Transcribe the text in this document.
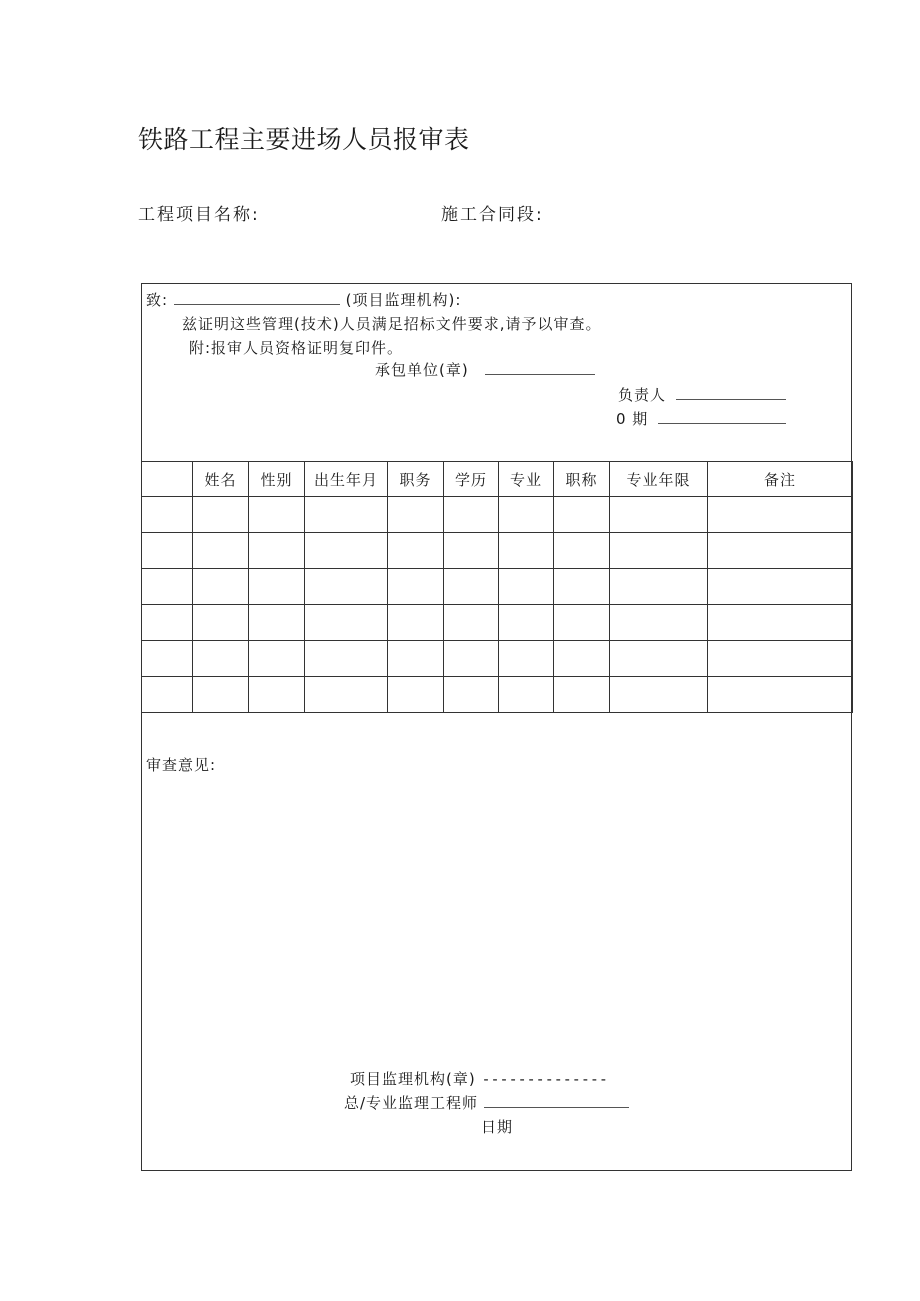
铁路工程主要进场人员报审表
工程项目名称:	施工合同段:
致:	(项目监理机构):
兹证明这些管理(技术)人员满足招标文件要求,请予以审查。
附:报审人员资格证明复印件。
承包单位(章)
负责人
0 期
	姓名	性别	出生年月	职务	学历	专业	职称	专业年限	备注

审查意见:
项目监理机构(章) --------------
总/专业监理工程师
日期
